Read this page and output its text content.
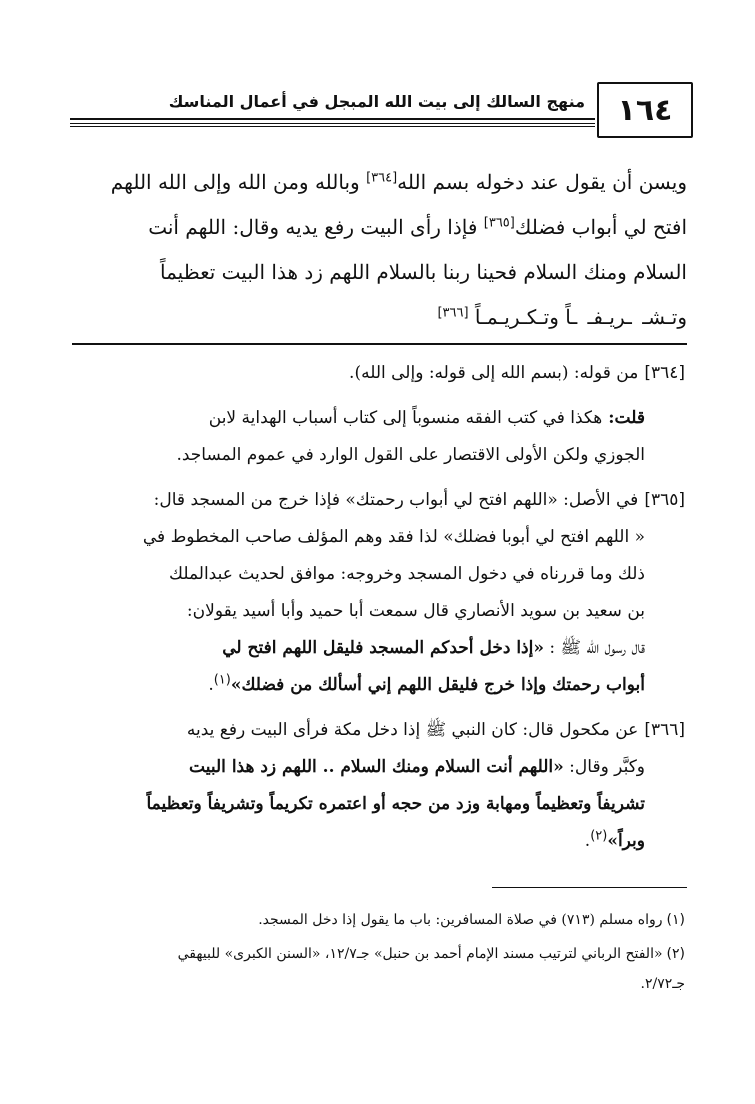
١٦٤
منهج السالك إلى بيت الله المبجل في أعمال المناسك
ويسن أن يقول عند دخوله بسم الله[٣٦٤] وبالله ومن الله وإلى الله اللهم
افتح لي أبواب فضلك[٣٦٥] فإذا رأى البيت رفع يديه وقال: اللهم أنت
السلام ومنك السلام فحينا ربنا بالسلام اللهم زد هذا البيت تعظيماً
وتـشـ ـريـفـ ـاً وتـكـريـمـاً [٣٦٦]

[٣٦٤]من قوله: (بسم الله إلى قوله: وإلى الله).

قلت:هكذا في كتب الفقه منسوباً إلى كتاب أسباب الهداية لابن

الجوزي ولكن الأولى الاقتصار على القول الوارد في عموم المساجد.

[٣٦٥]في الأصل: «اللهم افتح لي أبواب رحمتك» فإذا خرج من المسجد قال:

« اللهم افتح لي أبوبا فضلك» لذا فقد وهم المؤلف صاحب المخطوط في

ذلك وما قررناه في دخول المسجد وخروجه: موافق لحديث عبدالملك

بن سعيد بن سويد الأنصاري قال سمعت أبا حميد وأبا أسيد يقولان:

قال رسول الله ﷺ : «إذا دخل أحدكم المسجد فليقل اللهم افتح لي

أبواب رحمتك وإذا خرج فليقل اللهم إني أسألك من فضلك»$^{(١)}$.

[٣٦٦]عن مكحول قال: كان النبي ﷺ إذا دخل مكة فرأى البيت رفع يديه

وكبَّر وقال: «اللهم أنت السلام ومنك السلام .. اللهم زد هذا البيت

تشريفاً وتعظيماً ومهابة وزد من حجه أو اعتمره تكريماً وتشريفاً وتعظيماً

وبراً»$^{(٢)}$.

(١)رواه مسلم (٧١٣) في صلاة المسافرين: باب ما يقول إذا دخل المسجد.

(٢)«الفتح الرباني لترتيب مسند الإمام أحمد بن حنبل» جـ١٢/٧، «السنن الكبرى» للبيهقي
جـ٢/٧٢.
